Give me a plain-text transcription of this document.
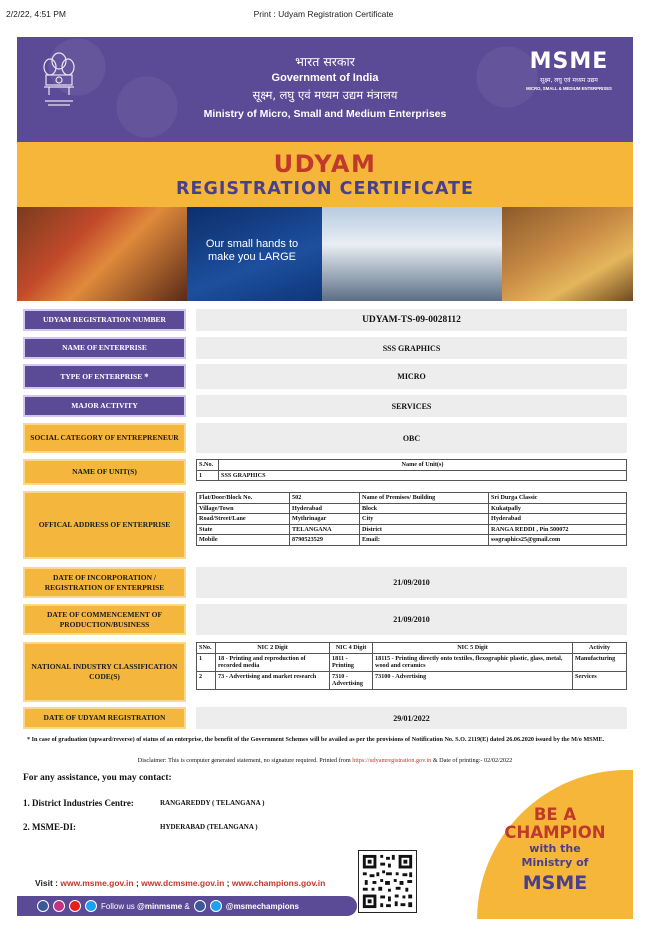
2/2/22, 4:51 PM	Print : Udyam Registration Certificate
भारत सरकार
Government of India
सूक्ष्म, लघु एवं मध्यम उद्यम मंत्रालय
Ministry of Micro, Small and Medium Enterprises
MSME
सूक्ष्म, लघु एवं मध्यम उद्यम
MICRO, SMALL & MEDIUM ENTERPRISES
UDYAM
REGISTRATION CERTIFICATE
Our small hands to
make you LARGE
UDYAM REGISTRATION NUMBER	UDYAM-TS-09-0028112
NAME OF ENTERPRISE	SSS GRAPHICS
TYPE OF ENTERPRISE
*	MICRO
MAJOR ACTIVITY	SERVICES
SOCIAL CATEGORY OF ENTREPRENEUR	OBC
NAME OF UNIT(S)
S.No.	Name of Unit(s)
1	SSS GRAPHICS
OFFICAL ADDRESS OF ENTERPRISE
Flat/Door/Block No.	502	Name of Premises/ Building	Sri Durga Classic
Village/Town	Hyderabad	Block	Kukatpally
Road/Street/Lane	Mythrinagar	City	Hyderabad
State	TELANGANA	District	RANGA REDDI , Pin 500072
Mobile	8790523529	Email:	sssgraphics25@gmail.com
DATE OF INCORPORATION / REGISTRATION OF ENTERPRISE	21/09/2010
DATE OF COMMENCEMENT OF PRODUCTION/BUSINESS	21/09/2010
NATIONAL INDUSTRY CLASSIFICATION CODE(S)
SNo.	NIC 2 Digit	NIC 4 Digit	NIC 5 Digit	Activity
1	18 - Printing and reproduction of recorded media	1811 - Printing	18115 - Printing directly onto textiles, flexographic plastic, glass, metal, wood and ceramics	Manufacturing
2	73 - Advertising and market research	7310 - Advertising	73100 - Advertising	Services
DATE OF UDYAM REGISTRATION	29/01/2022
* In case of graduation (upward/reverse) of status of an enterprise, the benefit of the Government Schemes will be availed as per the provisions of Notification No. S.O. 2119(E) dated 26.06.2020 issued by the M/o MSME.
Disclaimer: This is computer generated statement, no signature required. Printed from https://udyamregistration.gov.in & Date of printing:- 02/02/2022
For any assistance, you may contact:
1. District Industries Centre:	RANGAREDDY ( TELANGANA )
2. MSME-DI:	HYDERABAD (TELANGANA )
Visit : www.msme.gov.in ; www.dcmsme.gov.in ; www.champions.gov.in
Follow us @minmsme &	@msmechampions
BE A
CHAMPION
with the
Ministry of
MSME
